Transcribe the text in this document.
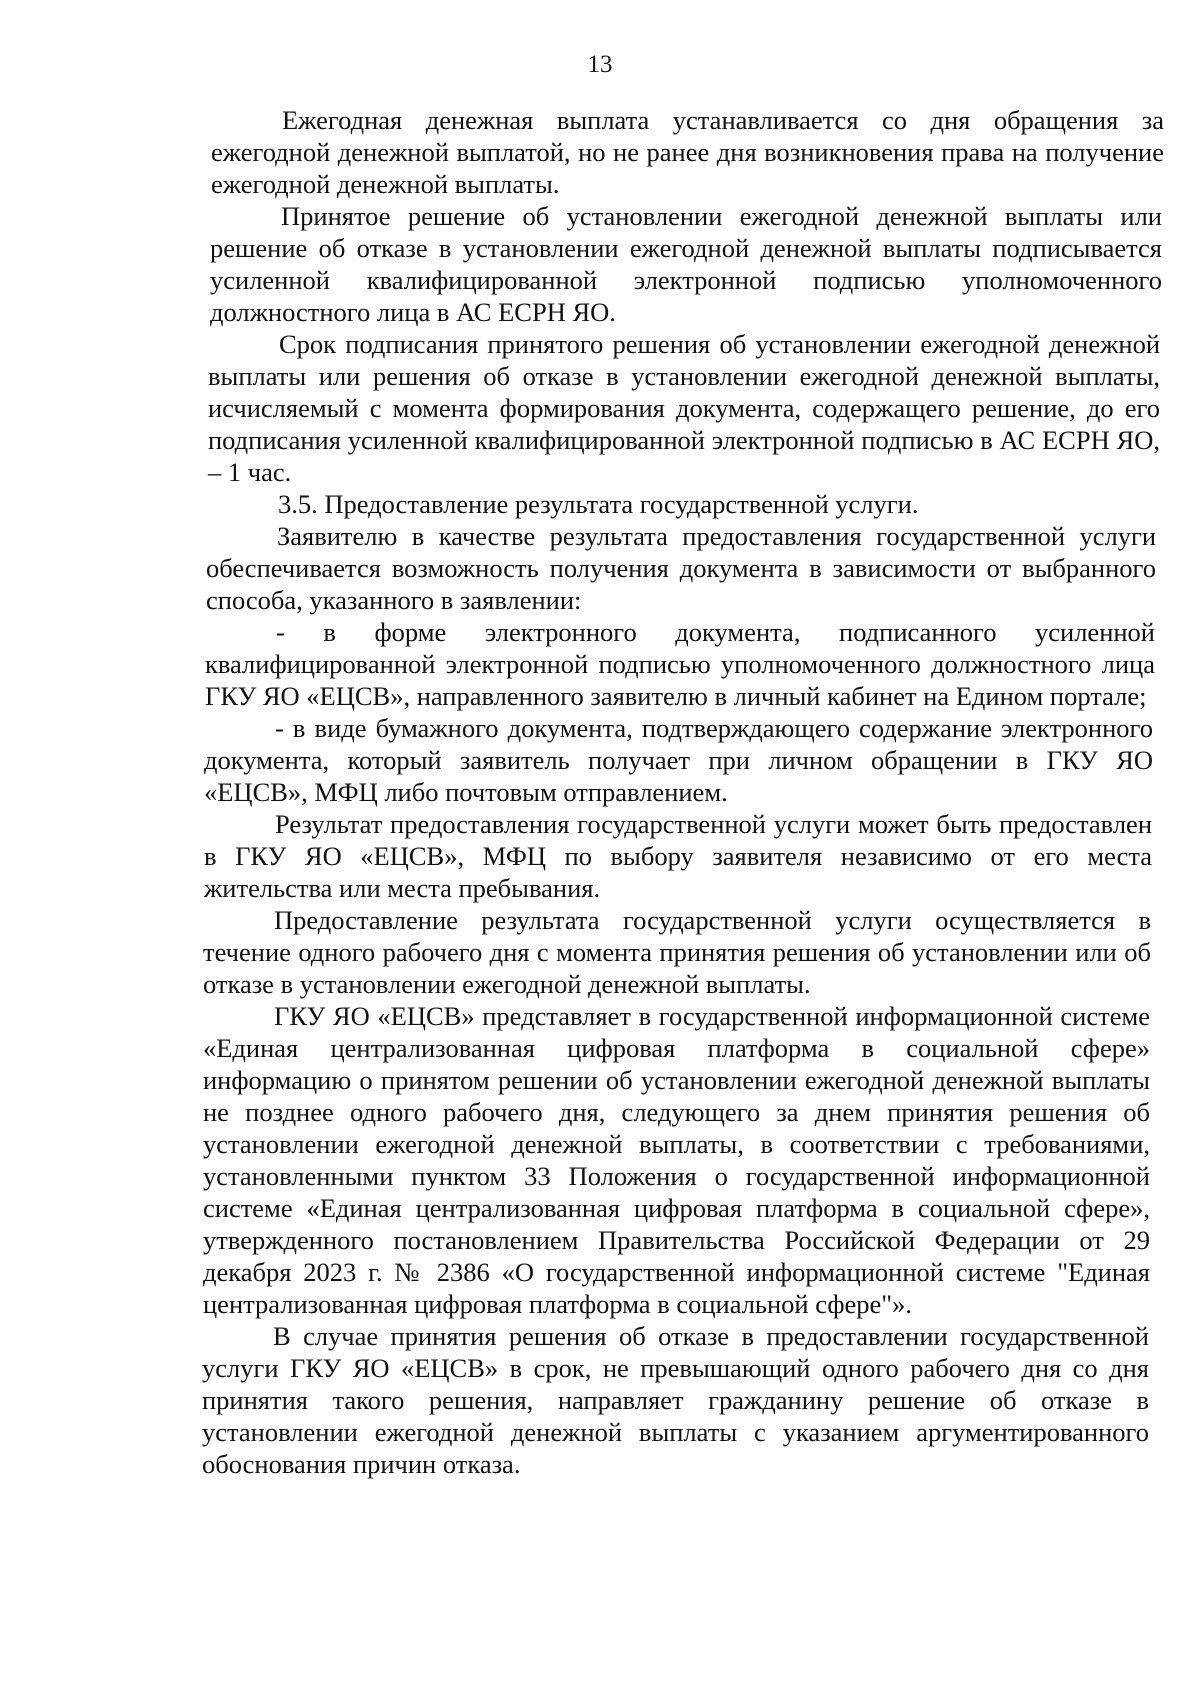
13

Ежегодная денежная выплата устанавливается со дня обращения за ежегодной денежной выплатой, но не ранее дня возникновения права на получение ежегодной денежной выплаты.

Принятое решение об установлении ежегодной денежной выплаты или решение об отказе в установлении ежегодной денежной выплаты подписывается усиленной квалифицированной электронной подписью уполномоченного должностного лица в АС ЕСРН ЯО.

Срок подписания принятого решения об установлении ежегодной денежной выплаты или решения об отказе в установлении ежегодной денежной выплаты, исчисляемый с момента формирования документа, содержащего решение, до его подписания усиленной квалифицированной электронной подписью в АС ЕСРН ЯО, – 1 час.

3.5. Предоставление результата государственной услуги.

Заявителю в качестве результата предоставления государственной услуги обеспечивается возможность получения документа в зависимости от выбранного способа, указанного в заявлении:

- в форме электронного документа, подписанного усиленной квалифицированной электронной подписью уполномоченного должностного лица ГКУ ЯО «ЕЦСВ», направленного заявителю в личный кабинет на Едином портале;

- в виде бумажного документа, подтверждающего содержание электронного документа, который заявитель получает при личном обращении в ГКУ ЯО «ЕЦСВ», МФЦ либо почтовым отправлением.

Результат предоставления государственной услуги может быть предоставлен в ГКУ ЯО «ЕЦСВ», МФЦ по выбору заявителя независимо от его места жительства или места пребывания.

Предоставление результата государственной услуги осуществляется в течение одного рабочего дня с момента принятия решения об установлении или об отказе в установлении ежегодной денежной выплаты.

ГКУ ЯО «ЕЦСВ» представляет в государственной информационной системе «Единая централизованная цифровая платформа в социальной сфере» информацию о принятом решении об установлении ежегодной денежной выплаты не позднее одного рабочего дня, следующего за днем принятия решения об установлении ежегодной денежной выплаты, в соответствии с требованиями, установленными пунктом 33 Положения о государственной информационной системе «Единая централизованная цифровая платформа в социальной сфере», утвержденного постановлением Правительства Российской Федерации от 29 декабря 2023 г. № 2386 «О государственной информационной системе "Единая централизованная цифровая платформа в социальной сфере"».

В случае принятия решения об отказе в предоставлении государственной услуги ГКУ ЯО «ЕЦСВ» в срок, не превышающий одного рабочего дня со дня принятия такого решения, направляет гражданину решение об отказе в установлении ежегодной денежной выплаты с указанием аргументированного обоснования причин отказа.
